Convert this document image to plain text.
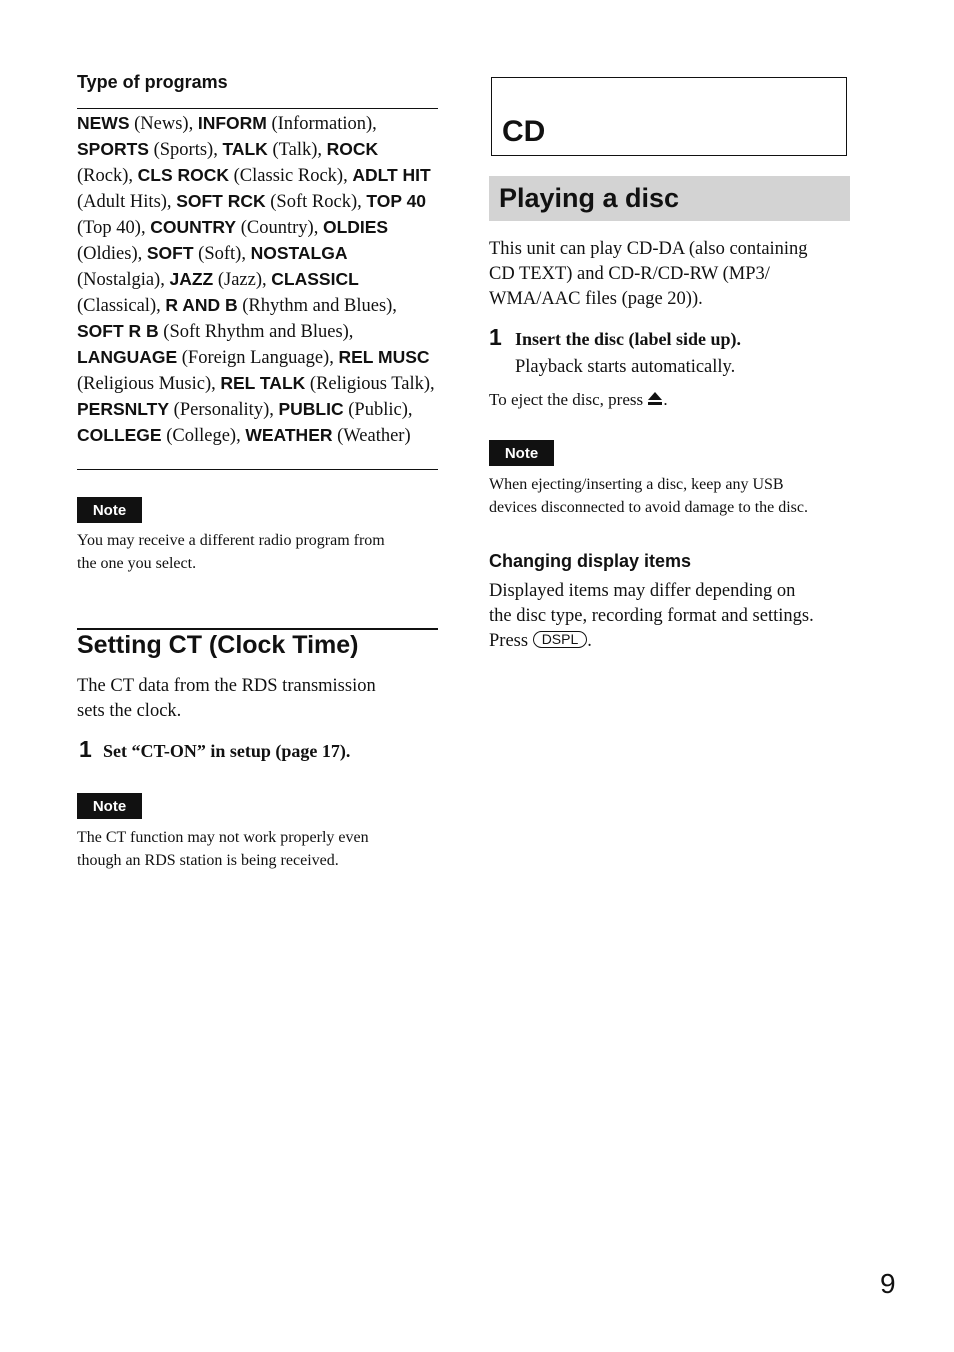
Type of programs
NEWS (News), INFORM (Information), SPORTS (Sports), TALK (Talk), ROCK (Rock), CLS ROCK (Classic Rock), ADLT HIT (Adult Hits), SOFT RCK (Soft Rock), TOP 40 (Top 40), COUNTRY (Country), OLDIES (Oldies), SOFT (Soft), NOSTALGA (Nostalgia), JAZZ (Jazz), CLASSICL (Classical), R AND B (Rhythm and Blues), SOFT R B (Soft Rhythm and Blues), LANGUAGE (Foreign Language), REL MUSC (Religious Music), REL TALK (Religious Talk), PERSNLTY (Personality), PUBLIC (Public), COLLEGE (College), WEATHER (Weather)
Note
You may receive a different radio program from
the one you select.
Setting CT (Clock Time)
The CT data from the RDS transmission
sets the clock.
1 Set “CT-ON” in setup (page 17).
Note
The CT function may not work properly even
though an RDS station is being received.
CD
Playing a disc
This unit can play CD-DA (also containing
CD TEXT) and CD-R/CD-RW (MP3/
WMA/AAC files (page 20)).
1 Insert the disc (label side up).
Playback starts automatically.
To eject the disc, press .
Note
When ejecting/inserting a disc, keep any USB
devices disconnected to avoid damage to the disc.
Changing display items
Displayed items may differ depending on
the disc type, recording format and settings.
Press DSPL .
9
